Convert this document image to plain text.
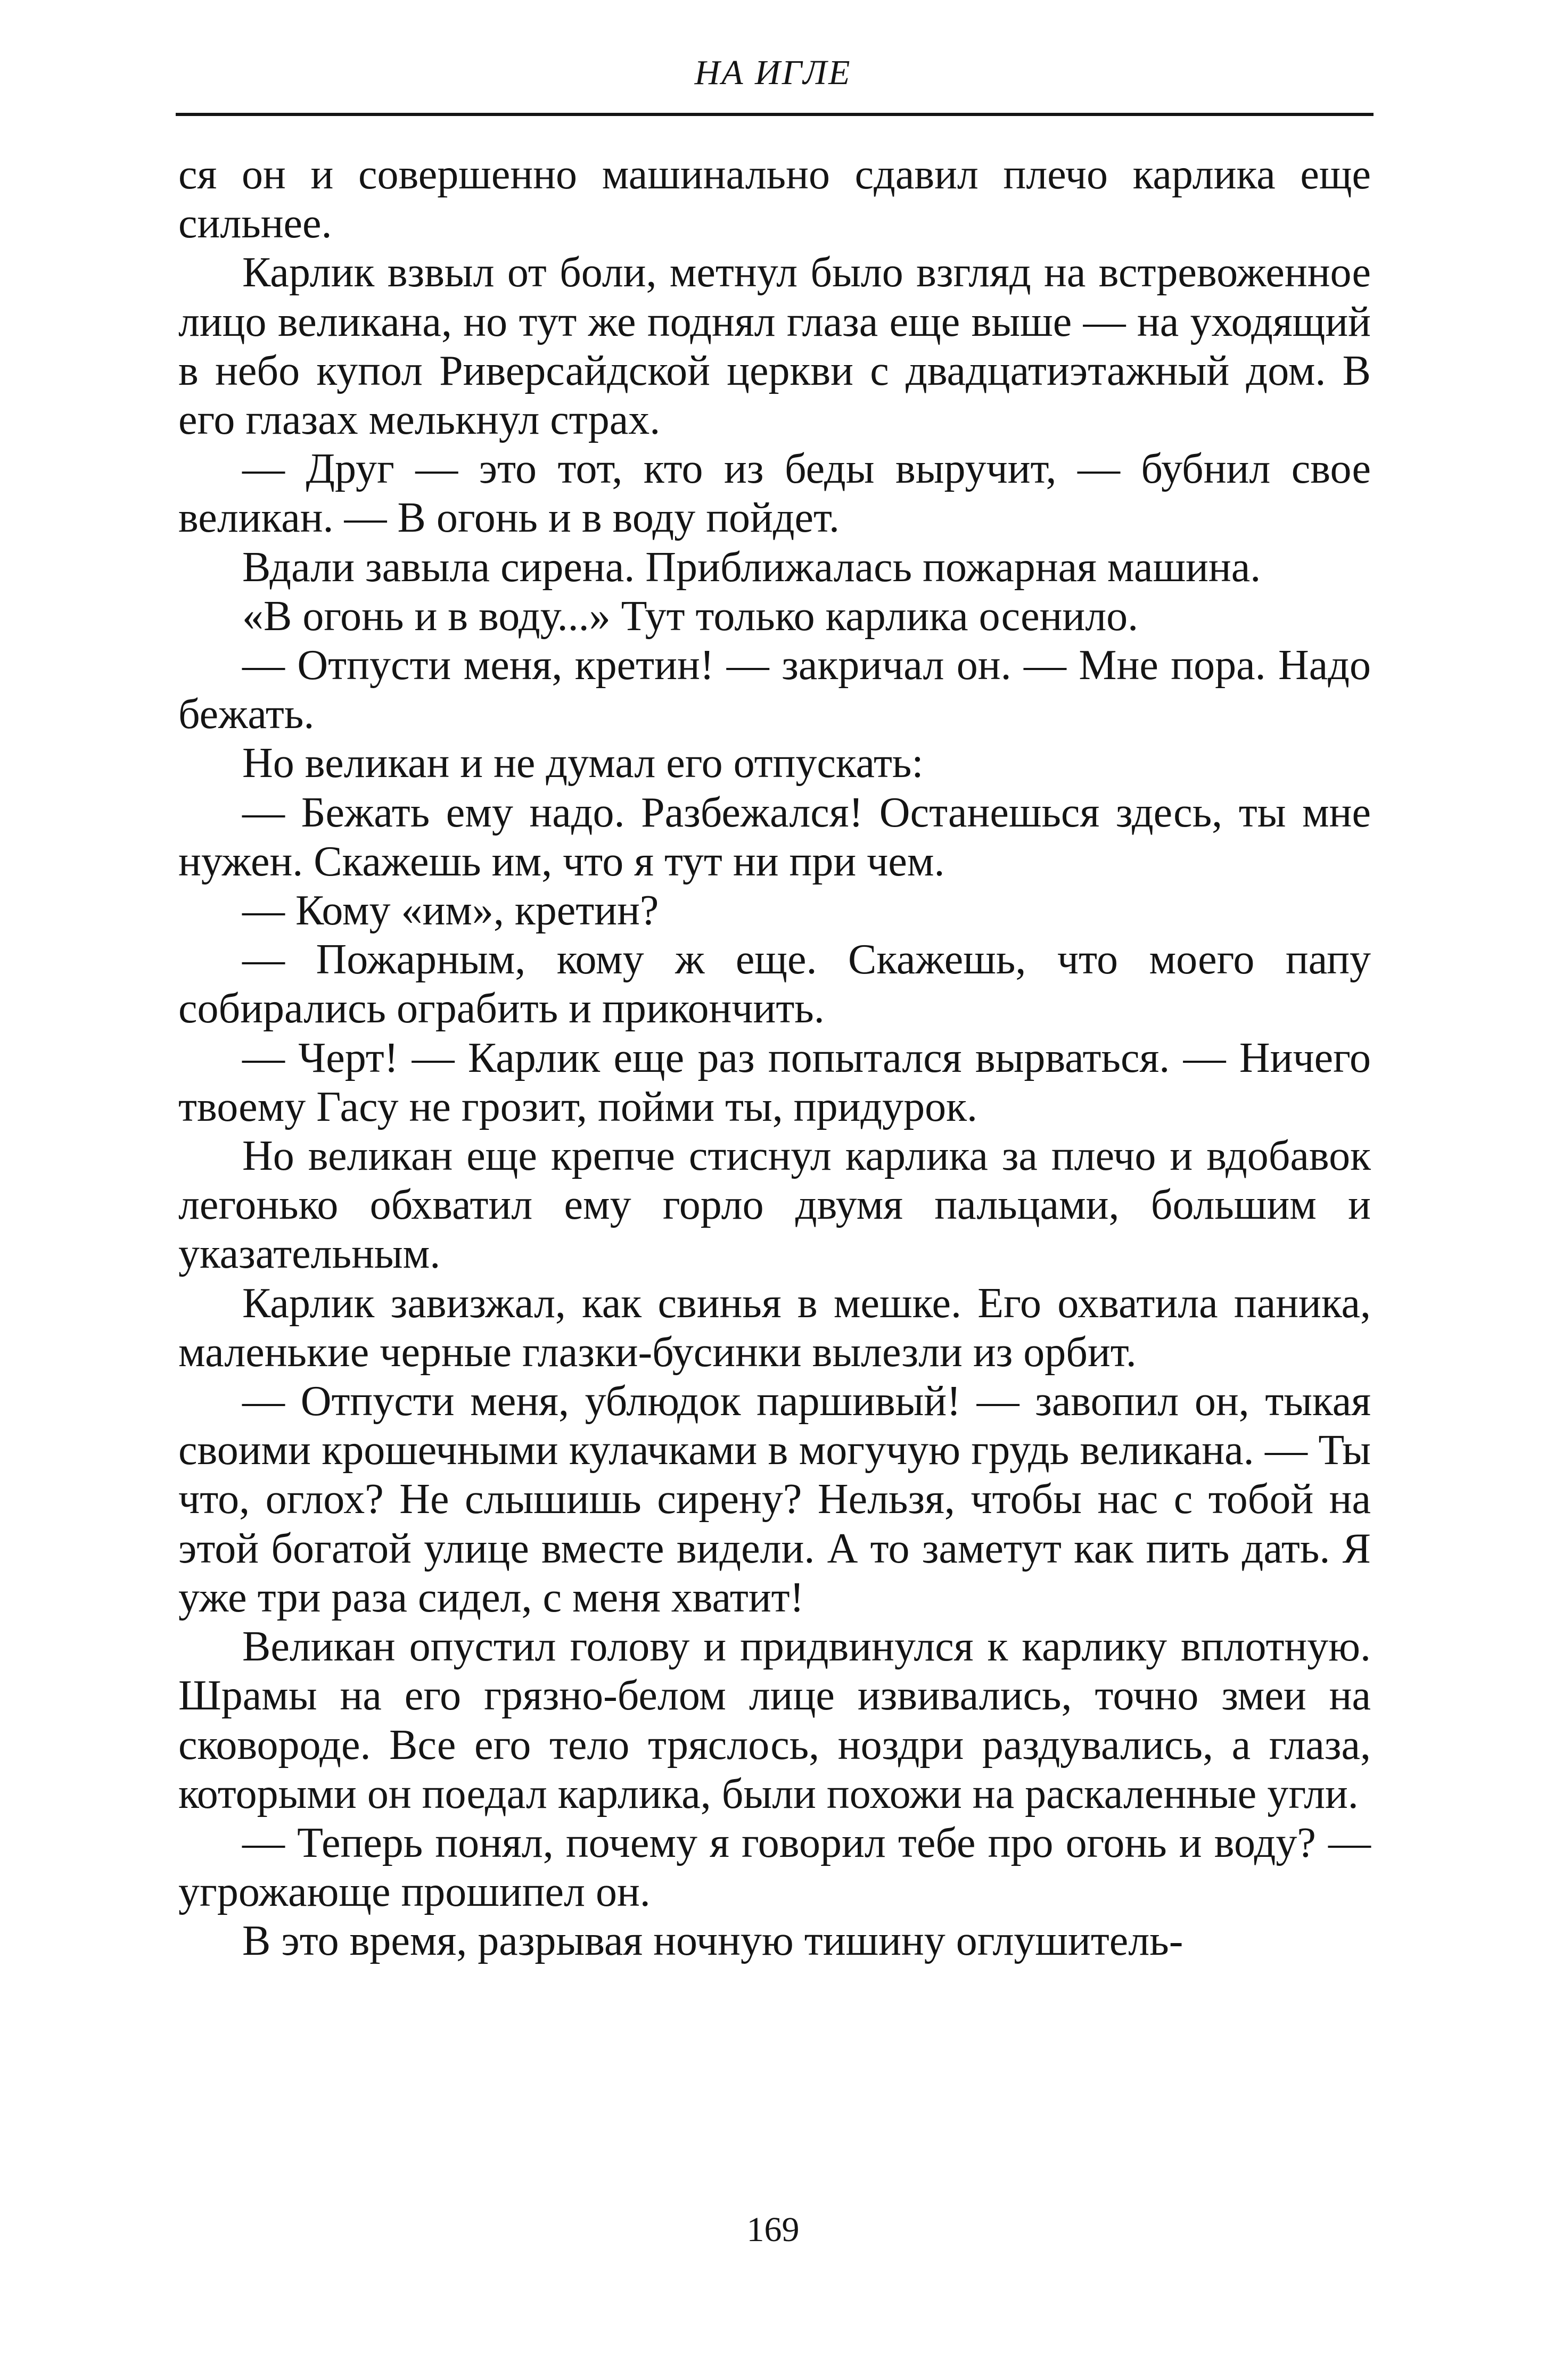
НА ИГЛЕ

ся он и совершенно машинально сдавил плечо карлика еще сильнее.

Карлик взвыл от боли, метнул было взгляд на встревоженное лицо великана, но тут же поднял глаза еще выше — на уходящий в небо купол Риверсайдской церкви с двадцатиэтажный дом. В его глазах мелькнул страх.

— Друг — это тот, кто из беды выручит, — бубнил свое великан. — В огонь и в воду пойдет.

Вдали завыла сирена. Приближалась пожарная машина.

«В огонь и в воду...» Тут только карлика осенило.

— Отпусти меня, кретин! — закричал он. — Мне пора. Надо бежать.

Но великан и не думал его отпускать:

— Бежать ему надо. Разбежался! Останешься здесь, ты мне нужен. Скажешь им, что я тут ни при чем.

— Кому «им», кретин?

— Пожарным, кому ж еще. Скажешь, что моего папу собирались ограбить и прикончить.

— Черт! — Карлик еще раз попытался вырваться. — Ничего твоему Гасу не грозит, пойми ты, придурок.

Но великан еще крепче стиснул карлика за плечо и вдобавок легонько обхватил ему горло двумя пальцами, большим и указательным.

Карлик завизжал, как свинья в мешке. Его охватила паника, маленькие черные глазки-бусинки вылезли из орбит.

— Отпусти меня, ублюдок паршивый! — завопил он, тыкая своими крошечными кулачками в могучую грудь великана. — Ты что, оглох? Не слышишь сирену? Нельзя, чтобы нас с тобой на этой богатой улице вместе видели. А то заметут как пить дать. Я уже три раза сидел, с меня хватит!

Великан опустил голову и придвинулся к карлику вплотную. Шрамы на его грязно-белом лице извивались, точно змеи на сковороде. Все его тело тряслось, ноздри раздувались, а глаза, которыми он поедал карлика, были похожи на раскаленные угли.

— Теперь понял, почему я говорил тебе про огонь и воду? — угрожающе прошипел он.

В это время, разрывая ночную тишину оглушитель-

169
